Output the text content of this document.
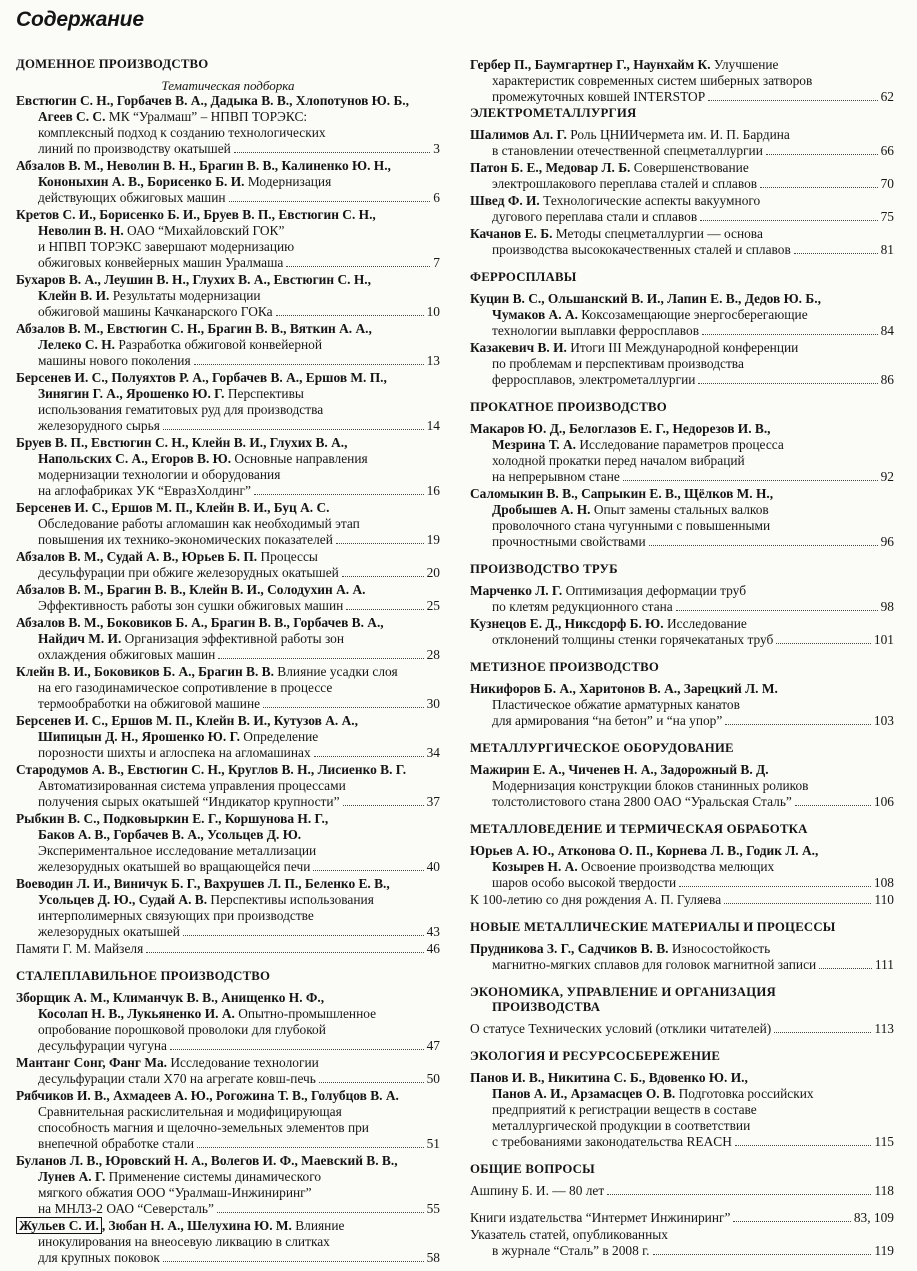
Содержание
ДОМЕННОЕ ПРОИЗВОДСТВО
Тематическая подборка
Евстюгин С. Н., Горбачев В. А., Дадыка В. В., Хлопотунов Ю. Б.,
Агеев С. С. МК “Уралмаш” – НПВП ТОРЭКС:
комплексный подход к созданию технологических
линий по производству окатышей	3
Абзалов В. М., Неволин В. Н., Брагин В. В., Калиненко Ю. Н.,
Кононыхин А. В., Борисенко Б. И. Модернизация
действующих обжиговых машин	6
Кретов С. И., Борисенко Б. И., Бруев В. П., Евстюгин С. Н.,
Неволин В. Н. ОАО “Михайловский ГОК”
и НПВП ТОРЭКС завершают модернизацию
обжиговых конвейерных машин Уралмаша	7
Бухаров В. А., Леушин В. Н., Глухих В. А., Евстюгин С. Н.,
Клейн В. И. Результаты модернизации
обжиговой машины Качканарского ГОКа	10
Абзалов В. М., Евстюгин С. Н., Брагин В. В., Вяткин А. А.,
Лелеко С. Н. Разработка обжиговой конвейерной
машины нового поколения	13
Берсенев И. С., Полуяхтов Р. А., Горбачев В. А., Ершов М. П.,
Зинягин Г. А., Ярошенко Ю. Г. Перспективы
использования гематитовых руд для производства
железорудного сырья	14
Бруев В. П., Евстюгин С. Н., Клейн В. И., Глухих В. А.,
Напольских С. А., Егоров В. Ю. Основные направления
модернизации технологии и оборудования
на аглофабриках УК “ЕвразХолдинг”	16
Берсенев И. С., Ершов М. П., Клейн В. И., Буц А. С.
Обследование работы агломашин как необходимый этап
повышения их технико-экономических показателей	19
Абзалов В. М., Судай А. В., Юрьев Б. П. Процессы
десульфурации при обжиге железорудных окатышей	20
Абзалов В. М., Брагин В. В., Клейн В. И., Солодухин А. А.
Эффективность работы зон сушки обжиговых машин	25
Абзалов В. М., Боковиков Б. А., Брагин В. В., Горбачев В. А.,
Найдич М. И. Организация эффективной работы зон
охлаждения обжиговых машин	28
Клейн В. И., Боковиков Б. А., Брагин В. В. Влияние усадки слоя
на его газодинамическое сопротивление в процессе
термообработки на обжиговой машине	30
Берсенев И. С., Ершов М. П., Клейн В. И., Кутузов А. А.,
Шипицын Д. Н., Ярошенко Ю. Г. Определение
порозности шихты и аглоспека на агломашинах	34
Стародумов А. В., Евстюгин С. Н., Круглов В. Н., Лисиенко В. Г.
Автоматизированная система управления процессами
получения сырых окатышей “Индикатор крупности”	37
Рыбкин В. С., Подковыркин Е. Г., Коршунова Н. Г.,
Баков А. В., Горбачев В. А., Усольцев Д. Ю.
Экспериментальное исследование металлизации
железорудных окатышей во вращающейся печи	40
Воеводин Л. И., Виничук Б. Г., Вахрушев Л. П., Беленко Е. В.,
Усольцев Д. Ю., Судай А. В. Перспективы использования
интерполимерных связующих при производстве
железорудных окатышей	43
Памяти Г. М. Майзеля	46
СТАЛЕПЛАВИЛЬНОЕ ПРОИЗВОДСТВО
Зборщик А. М., Климанчук В. В., Анищенко Н. Ф.,
Косолап Н. В., Лукьяненко И. А. Опытно-промышленное
опробование порошковой проволоки для глубокой
десульфурации чугуна	47
Мантанг Сонг, Фанг Ма. Исследование технологии
десульфурации стали Х70 на агрегате ковш-печь	50
Рябчиков И. В., Ахмадеев А. Ю., Рогожина Т. В., Голубцов В. А.
Сравнительная раскислительная и модифицирующая
способность магния и щелочно-земельных элементов при
внепечной обработке стали	51
Буланов Л. В., Юровский Н. А., Волегов И. Ф., Маевский В. В.,
Лунев А. Г. Применение системы динамического
мягкого обжатия ООО “Уралмаш-Инжиниринг”
на МНЛЗ-2 ОАО “Северсталь”	55
Жульев С. И. , Зюбан Н. А., Шелухина Ю. М. Влияние
инокулирования на внеосевую ликвацию в слитках
для крупных поковок	58
Гербер П., Баумгартнер Г., Наунхайм К. Улучшение
характеристик современных систем шиберных затворов
промежуточных ковшей INTERSTOP	62
ЭЛЕКТРОМЕТАЛЛУРГИЯ
Шалимов Ал. Г. Роль ЦНИИчермета им. И. П. Бардина
в становлении отечественной спецметаллургии	66
Патон Б. Е., Медовар Л. Б. Совершенствование
электрошлакового переплава сталей и сплавов	70
Швед Ф. И. Технологические аспекты вакуумного
дугового переплава стали и сплавов	75
Качанов Е. Б. Методы спецметаллургии — основа
производства высококачественных сталей и сплавов	81
ФЕРРОСПЛАВЫ
Куцин В. С., Ольшанский В. И., Лапин Е. В., Дедов Ю. Б.,
Чумаков А. А. Коксозамещающие энергосберегающие
технологии выплавки ферросплавов	84
Казакевич В. И. Итоги III Международной конференции
по проблемам и перспективам производства
ферросплавов, электрометаллургии	86
ПРОКАТНОЕ ПРОИЗВОДСТВО
Макаров Ю. Д., Белоглазов Е. Г., Недорезов И. В.,
Мезрина Т. А. Исследование параметров процесса
холодной прокатки перед началом вибраций
на непрерывном стане	92
Саломыкин В. В., Сапрыкин Е. В., Щёлков М. Н.,
Дробышев А. Н. Опыт замены стальных валков
проволочного стана чугунными с повышенными
прочностными свойствами	96
ПРОИЗВОДСТВО ТРУБ
Марченко Л. Г. Оптимизация деформации труб
по клетям редукционного стана	98
Кузнецов Е. Д., Никсдорф Б. Ю. Исследование
отклонений толщины стенки горячекатаных труб	101
МЕТИЗНОЕ ПРОИЗВОДСТВО
Никифоров Б. А., Харитонов В. А., Зарецкий Л. М.
Пластическое обжатие арматурных канатов
для армирования “на бетон” и “на упор”	103
МЕТАЛЛУРГИЧЕСКОЕ ОБОРУДОВАНИЕ
Мажирин Е. А., Чиченев Н. А., Задорожный В. Д.
Модернизация конструкции блоков станинных роликов
толстолистового стана 2800 ОАО “Уральская Сталь”	106
МЕТАЛЛОВЕДЕНИЕ И ТЕРМИЧЕСКАЯ ОБРАБОТКА
Юрьев А. Ю., Атконова О. П., Корнева Л. В., Годик Л. А.,
Козырев Н. А. Освоение производства мелющих
шаров особо высокой твердости	108
К 100-летию со дня рождения А. П. Гуляева	110
НОВЫЕ МЕТАЛЛИЧЕСКИЕ МАТЕРИАЛЫ И ПРОЦЕССЫ
Прудникова З. Г., Садчиков В. В. Износостойкость
магнитно-мягких сплавов для головок магнитной записи	111
ЭКОНОМИКА, УПРАВЛЕНИЕ И ОРГАНИЗАЦИЯ
ПРОИЗВОДСТВА
О статусе Технических условий (отклики читателей)	113
ЭКОЛОГИЯ И РЕСУРСОСБЕРЕЖЕНИЕ
Панов И. В., Никитина С. Б., Вдовенко Ю. И.,
Панов А. И., Арзамасцев О. В. Подготовка российских
предприятий к регистрации веществ в составе
металлургической продукции в соответствии
с требованиями законодательства REACH	115
ОБЩИЕ ВОПРОСЫ
Ашпину Б. И. — 80 лет	118
Книги издательства “Интермет Инжиниринг”	83, 109
Указатель статей, опубликованных
в журнале “Сталь” в 2008 г.	119
